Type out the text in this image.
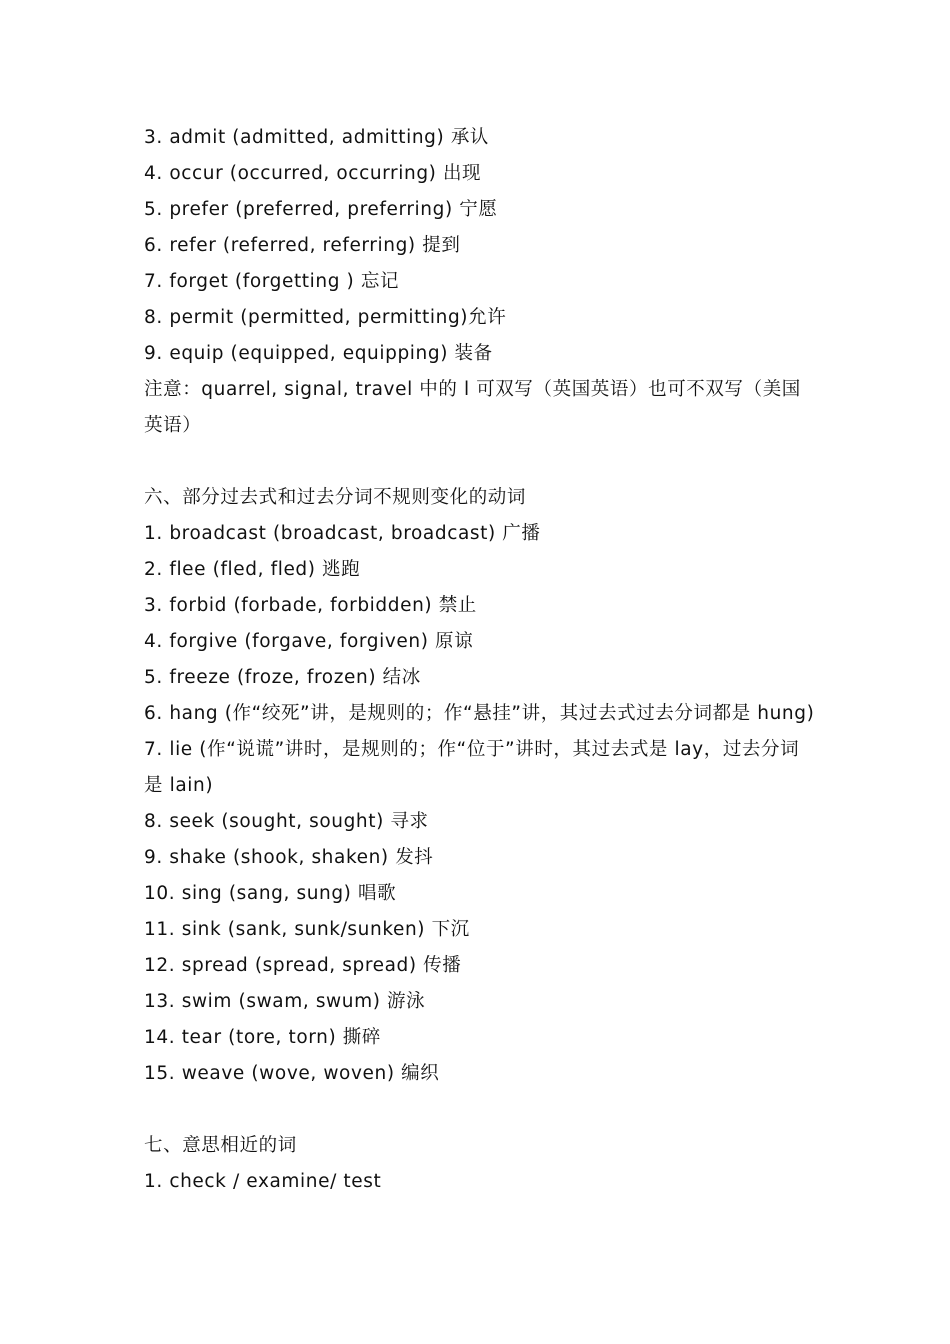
3. admit (admitted, admitting) 承认
4. occur (occurred, occurring) 出现
5. prefer (preferred, preferring) 宁愿
6. refer (referred, referring) 提到
7. forget (forgetting ) 忘记
8. permit (permitted, permitting)允许
9. equip (equipped, equipping) 装备
注意：quarrel, signal, travel 中的 l 可双写（英国英语）也可不双写（美国英语）
六、部分过去式和过去分词不规则变化的动词
1. broadcast (broadcast, broadcast) 广播
2. flee (fled, fled) 逃跑
3. forbid (forbade, forbidden) 禁止
4. forgive (forgave, forgiven) 原谅
5. freeze (froze, frozen) 结冰
6. hang (作“绞死”讲，是规则的；作“悬挂”讲，其过去式过去分词都是 hung)
7. lie (作“说谎”讲时，是规则的；作“位于”讲时，其过去式是 lay，过去分词是 lain)
8. seek (sought, sought) 寻求
9. shake (shook, shaken) 发抖
10. sing (sang, sung) 唱歌
11. sink (sank, sunk/sunken) 下沉
12. spread (spread, spread) 传播
13. swim (swam, swum) 游泳
14. tear (tore, torn) 撕碎
15. weave (wove, woven) 编织
七、意思相近的词
1. check / examine/ test
